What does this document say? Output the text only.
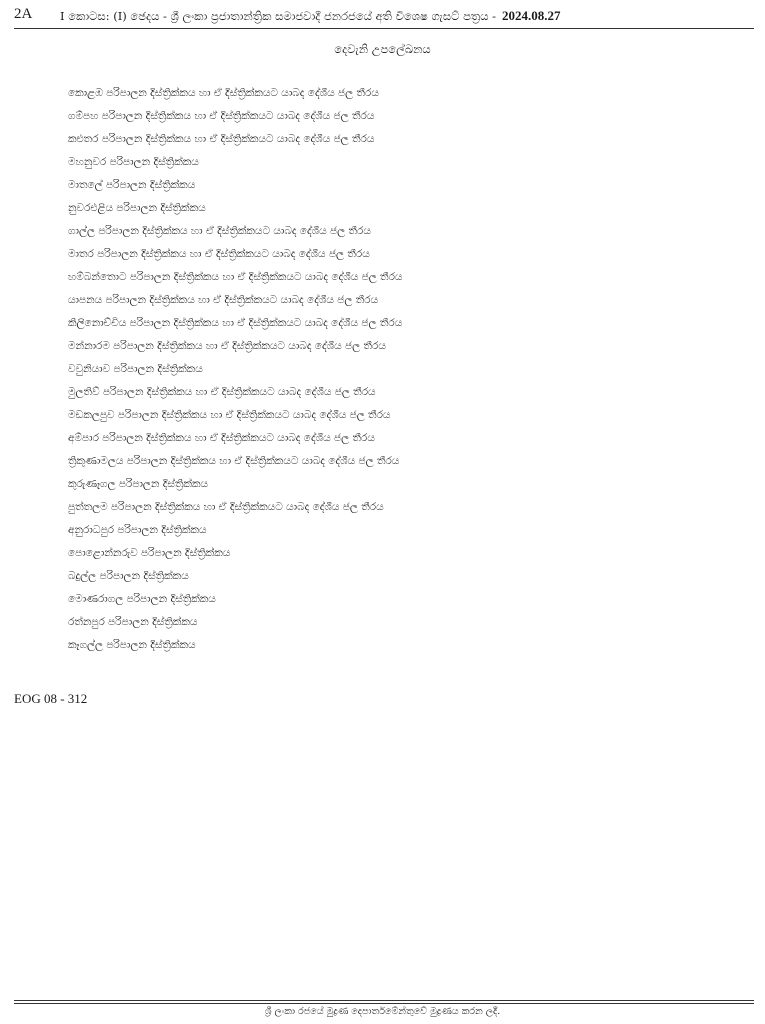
2A I කොටස: (I) ඡෙදය - ශ්‍රී ලංකා ප්‍රජාතාන්ත්‍රික සමාජවාදී ජනරජයේ අති විශෙෂ ගැසට් පත්‍රය - 2024.08.27
දෙවැනි උපලේඛනය
කොළඹ පරිපාලන දිස්ත්‍රික්කය හා ඒ දිස්ත්‍රික්කයට යාබද දේශීය ජල තීරය
ගම්පහ පරිපාලන දිස්ත්‍රික්කය හා ඒ දිස්ත්‍රික්කයට යාබද දේශීය ජල තීරය
කළුතර පරිපාලන දිස්ත්‍රික්කය හා ඒ දිස්ත්‍රික්කයට යාබද දේශීය ජල තීරය
මහනුවර පරිපාලන දිස්ත්‍රික්කය
මාතලේ පරිපාලන දිස්ත්‍රික්කය
නුවරඑළිය පරිපාලන දිස්ත්‍රික්කය
ගාල්ල පරිපාලන දිස්ත්‍රික්කය හා ඒ දිස්ත්‍රික්කයට යාබද දේශීය ජල තීරය
මාතර පරිපාලන දිස්ත්‍රික්කය හා ඒ දිස්ත්‍රික්කයට යාබද දේශීය ජල තීරය
හම්බන්තොට පරිපාලන දිස්ත්‍රික්කය හා ඒ දිස්ත්‍රික්කයට යාබද දේශීය ජල තීරය
යාපනය පරිපාලන දිස්ත්‍රික්කය හා ඒ දිස්ත්‍රික්කයට යාබද දේශීය ජල තීරය
කිලිනොච්චිය පරිපාලන දිස්ත්‍රික්කය හා ඒ දිස්ත්‍රික්කයට යාබද දේශීය ජල තීරය
මන්නාරම පරිපාලන දිස්ත්‍රික්කය හා ඒ දිස්ත්‍රික්කයට යාබද දේශීය ජල තීරය
වවුනියාව පරිපාලන දිස්ත්‍රික්කය
මුලතිව් පරිපාලන දිස්ත්‍රික්කය හා ඒ දිස්ත්‍රික්කයට යාබද දේශීය ජල තීරය
මඩකලපුව පරිපාලන දිස්ත්‍රික්කය හා ඒ දිස්ත්‍රික්කයට යාබද දේශීය ජල තීරය
අම්පාර පරිපාලන දිස්ත්‍රික්කය හා ඒ දිස්ත්‍රික්කයට යාබද දේශීය ජල තීරය
ත්‍රිකුණාමලය පරිපාලන දිස්ත්‍රික්කය හා ඒ දිස්ත්‍රික්කයට යාබද දේශීය ජල තීරය
කුරුණෑගල පරිපාලන දිස්ත්‍රික්කය
පුත්තලම පරිපාලන දිස්ත්‍රික්කය හා ඒ දිස්ත්‍රික්කයට යාබද දේශීය ජල තීරය
අනුරාධපුර පරිපාලන දිස්ත්‍රික්කය
පොළොන්නරුව පරිපාලන දිස්ත්‍රික්කය
බදුල්ල පරිපාලන දිස්ත්‍රික්කය
මොණරාගල පරිපාලන දිස්ත්‍රික්කය
රත්නපුර පරිපාලන දිස්ත්‍රික්කය
කෑගල්ල පරිපාලන දිස්ත්‍රික්කය
EOG 08 - 312
ශ්‍රී ලංකා රජයේ මුද්‍රණ දෙපාර්තමේන්තුවේ මුද්‍රණය කරන ලදී.
